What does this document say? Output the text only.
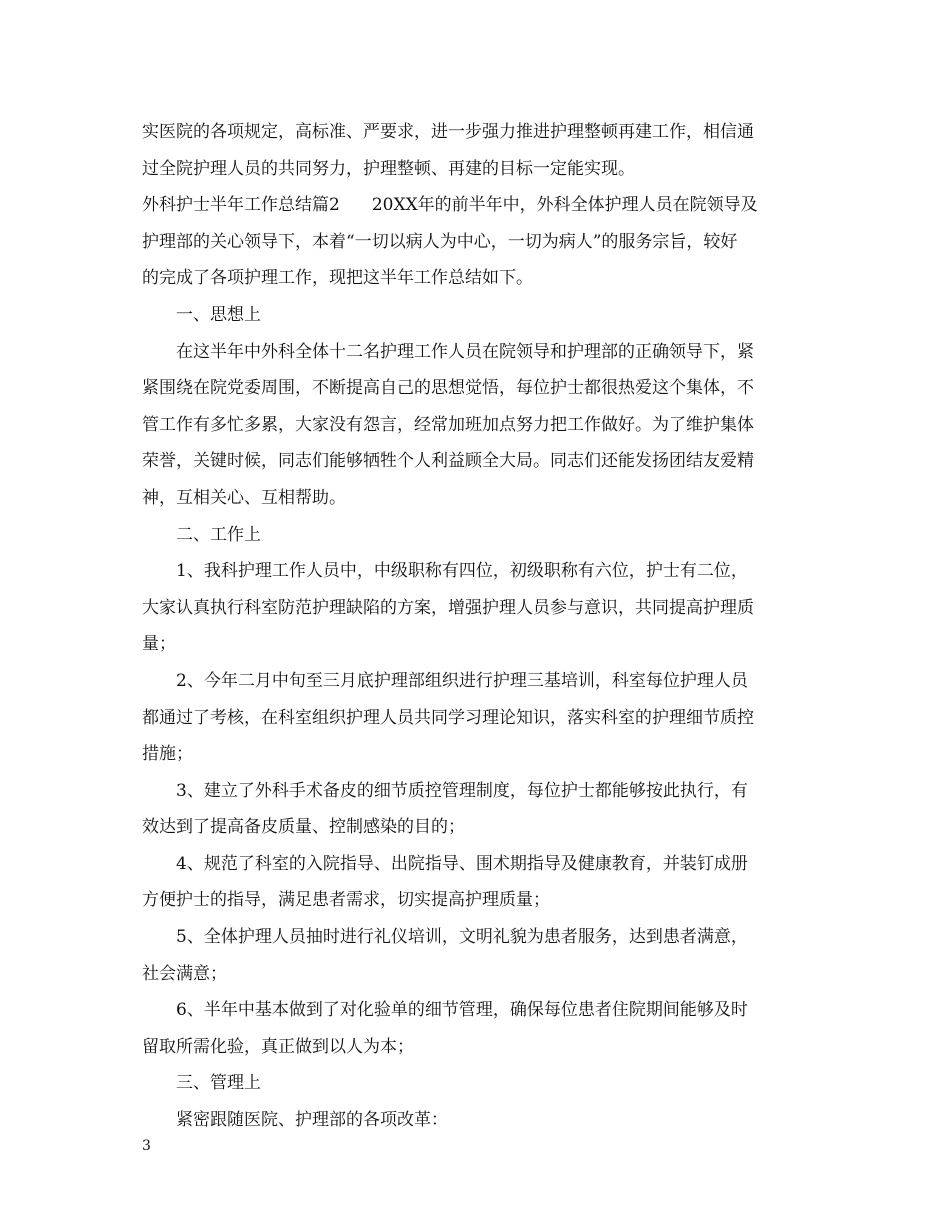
实医院的各项规定，高标准、严要求，进一步强力推进护理整顿再建工作，相信通
过全院护理人员的共同努力，护理整顿、再建的目标一定能实现。
外科护士半年工作总结篇2 20XX年的前半年中，外科全体护理人员在院领导及
护理部的关心领导下，本着“一切以病人为中心，一切为病人”的服务宗旨，较好
的完成了各项护理工作，现把这半年工作总结如下。
一、思想上
在这半年中外科全体十二名护理工作人员在院领导和护理部的正确领导下，紧
紧围绕在院党委周围，不断提高自己的思想觉悟，每位护士都很热爱这个集体，不
管工作有多忙多累，大家没有怨言，经常加班加点努力把工作做好。为了维护集体
荣誉，关键时候，同志们能够牺牲个人利益顾全大局。同志们还能发扬团结友爱精
神，互相关心、互相帮助。
二、工作上
1、我科护理工作人员中，中级职称有四位，初级职称有六位，护士有二位，
大家认真执行科室防范护理缺陷的方案，增强护理人员参与意识，共同提高护理质
量；
2、今年二月中旬至三月底护理部组织进行护理三基培训，科室每位护理人员
都通过了考核，在科室组织护理人员共同学习理论知识，落实科室的护理细节质控
措施；
3、建立了外科手术备皮的细节质控管理制度，每位护士都能够按此执行，有
效达到了提高备皮质量、控制感染的目的；
4、规范了科室的入院指导、出院指导、围术期指导及健康教育，并装钉成册
方便护士的指导，满足患者需求，切实提高护理质量；
5、全体护理人员抽时进行礼仪培训，文明礼貌为患者服务，达到患者满意，
社会满意；
6、半年中基本做到了对化验单的细节管理，确保每位患者住院期间能够及时
留取所需化验，真正做到以人为本；
三、管理上
紧密跟随医院、护理部的各项改革：
3
